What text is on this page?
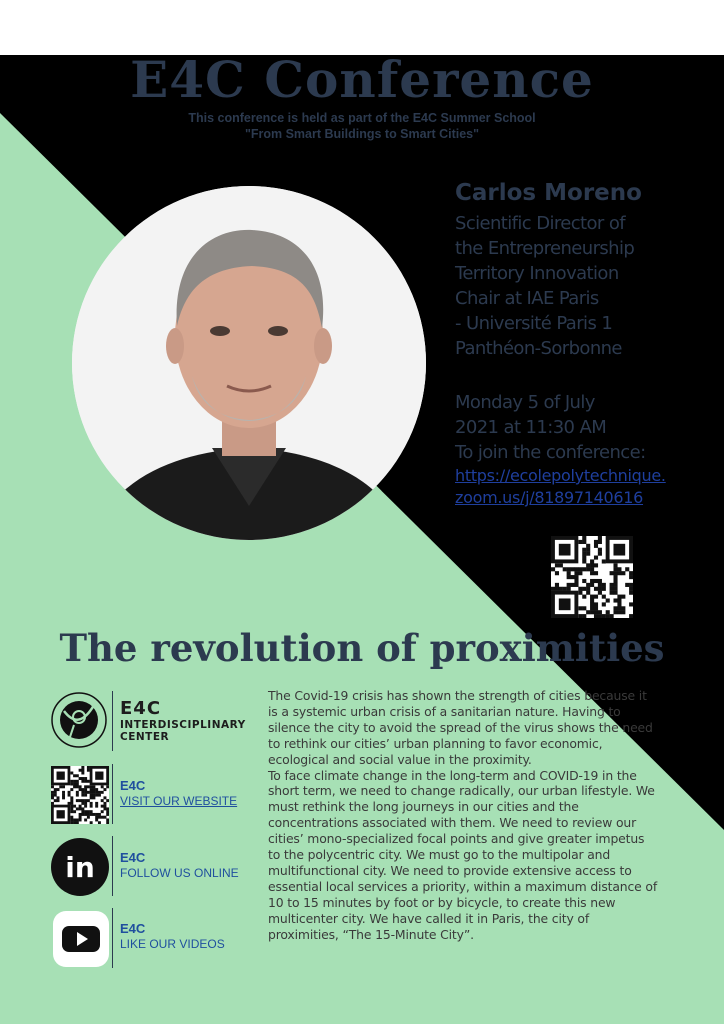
E4C Conference
This conference is held as part of the E4C Summer School
"From Smart Buildings to Smart Cities"
Carlos Moreno
Scientific Director of
the Entrepreneurship
Territory Innovation
Chair at IAE Paris
- Université Paris 1
Panthéon-Sorbonne
Monday 5 of July
2021 at 11:30 AM
To join the conference:
https://ecolepolytechnique.
zoom.us/j/81897140616
The revolution of proximities
E4C
INTERDISCIPLINARY
CENTER
E4C
VISIT OUR WEBSITE
in E4C
FOLLOW US ONLINE
E4C
LIKE OUR VIDEOS

The Covid-19 crisis has shown the strength of cities because it is a systemic urban crisis of a sanitarian nature. Having to silence the city to avoid the spread of the virus shows the need to rethink our cities’ urban planning to favor economic, ecological and social value in the proximity.

To face climate change in the long-term and COVID-19 in the short term, we need to change radically, our urban lifestyle. We must rethink the long journeys in our cities and the concentrations associated with them. We need to review our cities’ mono-specialized focal points and give greater impetus to the polycentric city. We must go to the multipolar and multifunctional city. We need to provide extensive access to essential local services a priority, within a maximum distance of 10 to 15 minutes by foot or by bicycle, to create this new multicenter city. We have called it in Paris, the city of proximities, “The 15-Minute City”.
